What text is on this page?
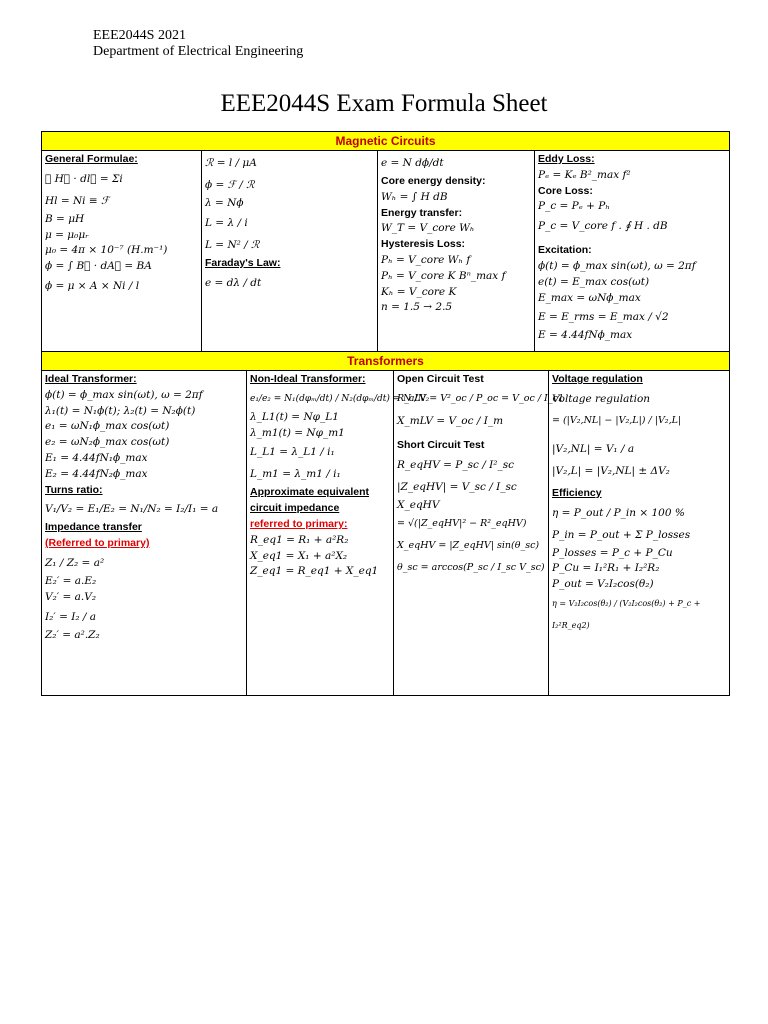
EEE2044S 2021
Department of Electrical Engineering
EEE2044S Exam Formula Sheet
Magnetic Circuits
General Formulae:
∮ H⃗ · dl⃗ = Σi
Hl = Ni ≡ ℱ
B = μH
μ = μ₀μᵣ
μ₀ = 4π × 10⁻⁷ (H.m⁻¹)
ϕ = ∫ B⃗ · dA⃗ = BA
ϕ = μ × A × Ni / l
ℛ = l / μA
ϕ = ℱ / ℛ
λ = Nϕ
L = λ / i
L = N² / ℛ
Faraday's Law:
e = dλ / dt
e = N dϕ/dt
Core energy density:
Wₕ = ∫ H dB
Energy transfer:
W_T = V_core Wₕ
Hysteresis Loss:
Pₕ = V_core Wₕ f
Pₕ = V_core K Bⁿ_max f
Kₕ = V_core K
n = 1.5 → 2.5
Eddy Loss:
Pₑ = Kₑ B²_max f²
Core Loss:
P_c = Pₑ + Pₕ
P_c = V_core f . ∮ H . dB
Excitation:
ϕ(t) = ϕ_max sin(ωt), ω = 2πf
e(t) = E_max cos(ωt)
E_max = ωNϕ_max
E = E_rms = E_max / √2
E = 4.44fNϕ_max
Transformers
Ideal Transformer:
ϕ(t) = ϕ_max sin(ωt), ω = 2πf
λ₁(t) = N₁ϕ(t); λ₂(t) = N₂ϕ(t)
e₁ = ωN₁ϕ_max cos(ωt)
e₂ = ωN₂ϕ_max cos(ωt)
E₁ = 4.44fN₁ϕ_max
E₂ = 4.44fN₂ϕ_max
Turns ratio:
V₁/V₂ = E₁/E₂ = N₁/N₂ = I₂/I₁ = a
Impedance transfer
(Referred to primary)
Z₁ / Z₂ = a²
E₂′ = a.E₂
V₂′ = a.V₂
I₂′ = I₂ / a
Z₂′ = a².Z₂
Non-Ideal Transformer:
e₁/e₂ = N₁(dφₘ/dt) / N₂(dφₘ/dt) = N₁/N₂
λ_L1(t) = Nφ_L1
λ_m1(t) = Nφ_m1
L_L1 = λ_L1 / i₁
L_m1 = λ_m1 / i₁
Approximate equivalent circuit impedance
referred to primary:
R_eq1 = R₁ + a²R₂
X_eq1 = X₁ + a²X₂
Z_eq1 = R_eq1 + X_eq1
Open Circuit Test
R_cLV = V²_oc / P_oc = V_oc / I_c1
X_mLV = V_oc / I_m
Short Circuit Test
R_eqHV = P_sc / I²_sc
|Z_eqHV| = V_sc / I_sc
X_eqHV
= √(|Z_eqHV|² − R²_eqHV)
X_eqHV = |Z_eqHV| sin(θ_sc)
θ_sc = arccos(P_sc / I_sc V_sc)
Voltage regulation
Voltage regulation
= (|V₂,NL| − |V₂,L|) / |V₂,L|
|V₂,NL| = V₁ / a
|V₂,L| = |V₂,NL| ± ΔV₂
Efficiency
η = P_out / P_in × 100 %
P_in = P_out + Σ P_losses
P_losses = P_c + P_Cu
P_Cu = I₁²R₁ + I₂²R₂
P_out = V₂I₂cos(θ₂)
η = V₂I₂cos(θ₂) / (V₂I₂cos(θ₂) + P_c + I₂²R_eq2)
